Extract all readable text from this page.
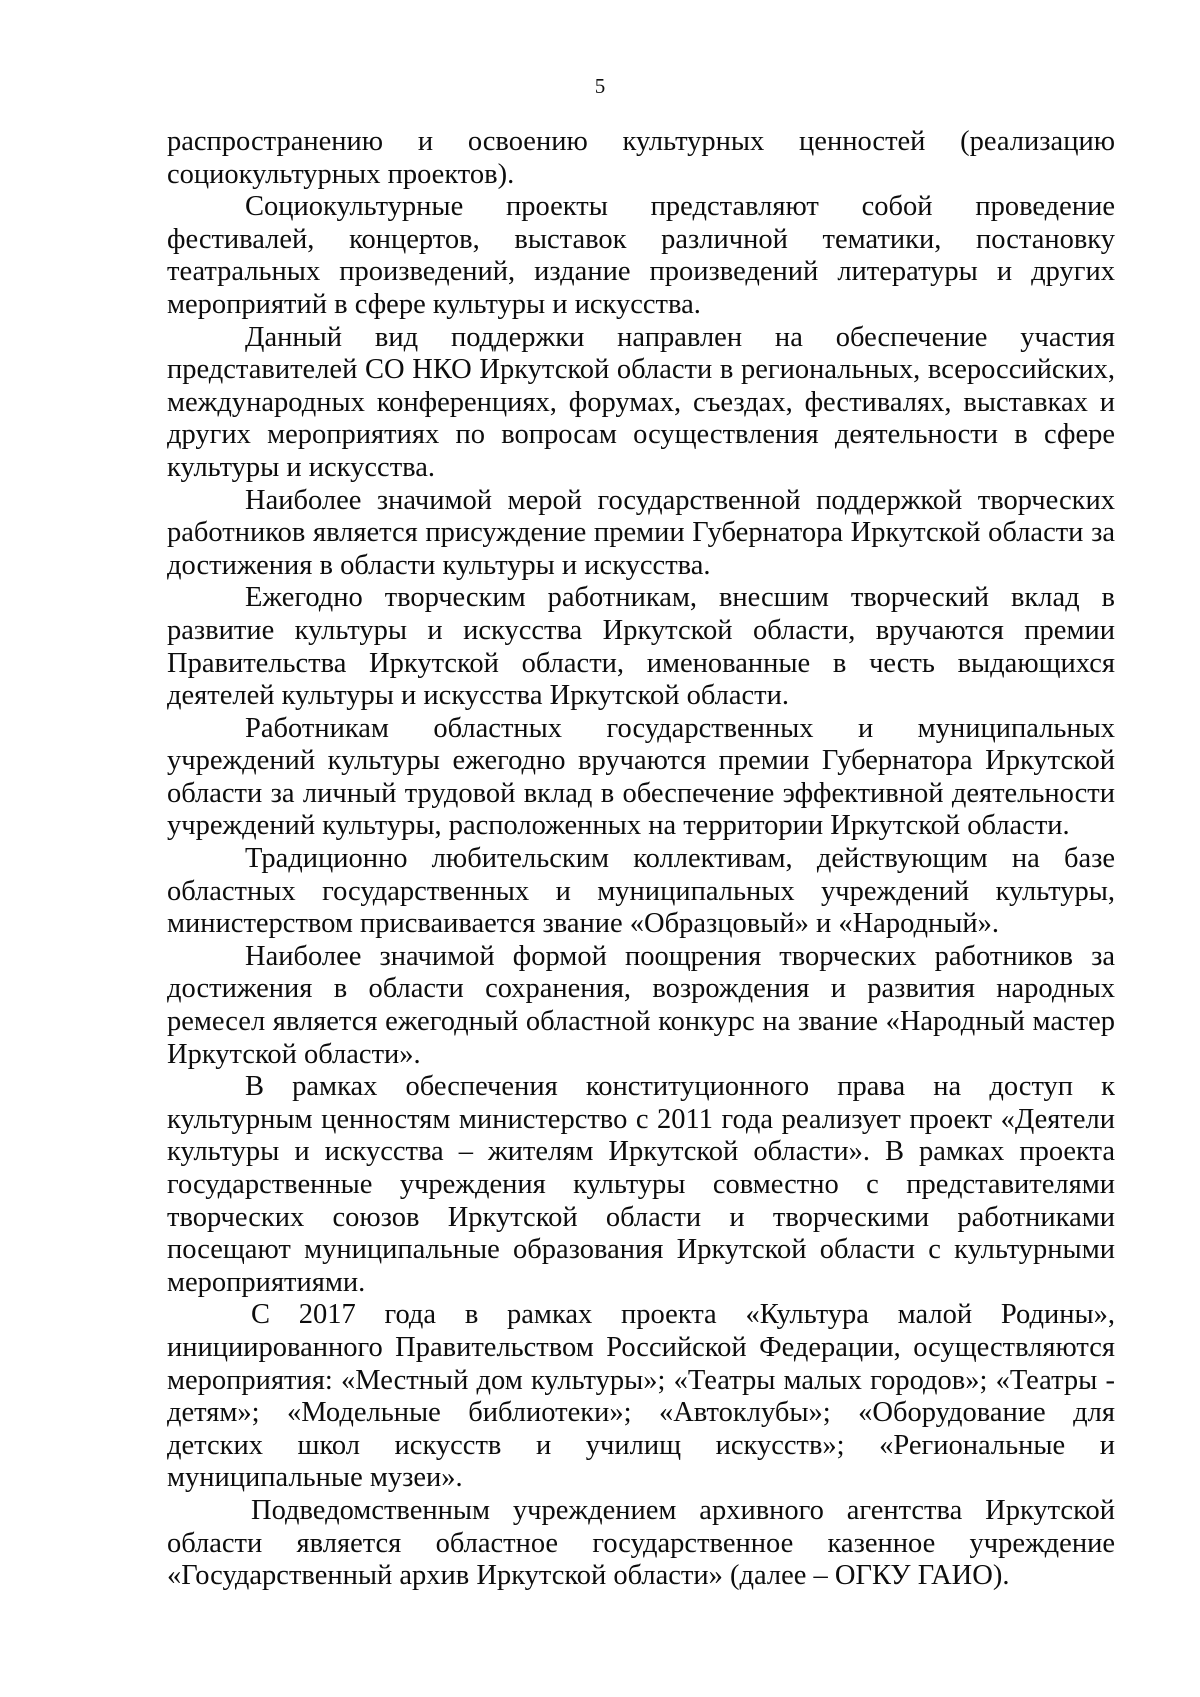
5

распространению и освоению культурных ценностей (реализацию социокультурных проектов).

Социокультурные проекты представляют собой проведение фестивалей, концертов, выставок различной тематики, постановку театральных произведений, издание произведений литературы и других мероприятий в сфере культуры и искусства.

Данный вид поддержки направлен на обеспечение участия представителей СО НКО Иркутской области в региональных, всероссийских, международных конференциях, форумах, съездах, фестивалях, выставках и других мероприятиях по вопросам осуществления деятельности в сфере культуры и искусства.

Наиболее значимой мерой государственной поддержкой творческих работников является присуждение премии Губернатора Иркутской области за достижения в области культуры и искусства.

Ежегодно творческим работникам, внесшим творческий вклад в развитие культуры и искусства Иркутской области, вручаются премии Правительства Иркутской области, именованные в честь выдающихся деятелей культуры и искусства Иркутской области.

Работникам областных государственных и муниципальных учреждений культуры ежегодно вручаются премии Губернатора Иркутской области за личный трудовой вклад в обеспечение эффективной деятельности учреждений культуры, расположенных на территории Иркутской области.

Традиционно любительским коллективам, действующим на базе областных государственных и муниципальных учреждений культуры, министерством присваивается звание «Образцовый» и «Народный».

Наиболее значимой формой поощрения творческих работников за достижения в области сохранения, возрождения и развития народных ремесел является ежегодный областной конкурс на звание «Народный мастер Иркутской области».

В рамках обеспечения конституционного права на доступ к культурным ценностям министерство с 2011 года реализует проект «Деятели культуры и искусства – жителям Иркутской области». В рамках проекта государственные учреждения культуры совместно с представителями творческих союзов Иркутской области и творческими работниками посещают муниципальные образования Иркутской области с культурными мероприятиями.

С 2017 года в рамках проекта «Культура малой Родины», инициированного Правительством Российской Федерации, осуществляются мероприятия: «Местный дом культуры»; «Театры малых городов»; «Театры - детям»; «Модельные библиотеки»; «Автоклубы»; «Оборудование для детских школ искусств и училищ искусств»; «Региональные и муниципальные музеи».

Подведомственным учреждением архивного агентства Иркутской области является областное государственное казенное учреждение «Государственный архив Иркутской области» (далее – ОГКУ ГАИО).
